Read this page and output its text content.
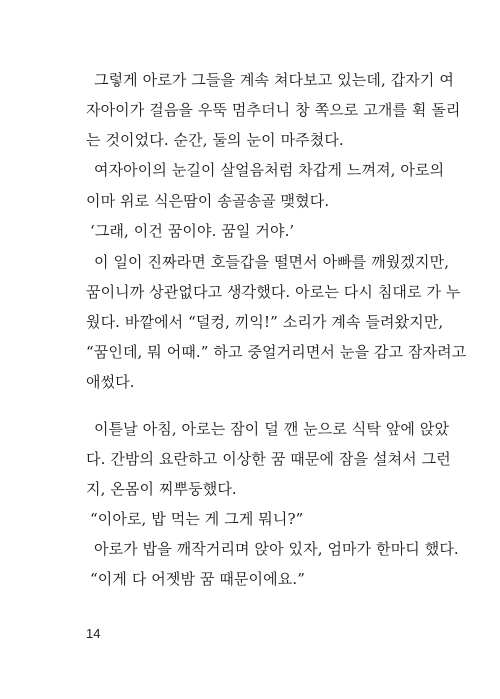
그렇게 아로가 그들을 계속 쳐다보고 있는데, 갑자기 여
자아이가 걸음을 우뚝 멈추더니 창 쪽으로 고개를 휙 돌리
는 것이었다. 순간, 둘의 눈이 마주쳤다.
여자아이의 눈길이 살얼음처럼 차갑게 느껴져, 아로의
이마 위로 식은땀이 송골송골 맺혔다.
‘그래, 이건 꿈이야. 꿈일 거야.’
이 일이 진짜라면 호들갑을 떨면서 아빠를 깨웠겠지만,
꿈이니까 상관없다고 생각했다. 아로는 다시 침대로 가 누
웠다. 바깥에서 “덜컹, 끼익!” 소리가 계속 들려왔지만,
“꿈인데, 뭐 어때.” 하고 중얼거리면서 눈을 감고 잠자려고
애썼다.
이튿날 아침, 아로는 잠이 덜 깬 눈으로 식탁 앞에 앉았
다. 간밤의 요란하고 이상한 꿈 때문에 잠을 설쳐서 그런
지, 온몸이 찌뿌둥했다.
“이아로, 밥 먹는 게 그게 뭐니?”
아로가 밥을 깨작거리며 앉아 있자, 엄마가 한마디 했다.
“이게 다 어젯밤 꿈 때문이에요.”
14
